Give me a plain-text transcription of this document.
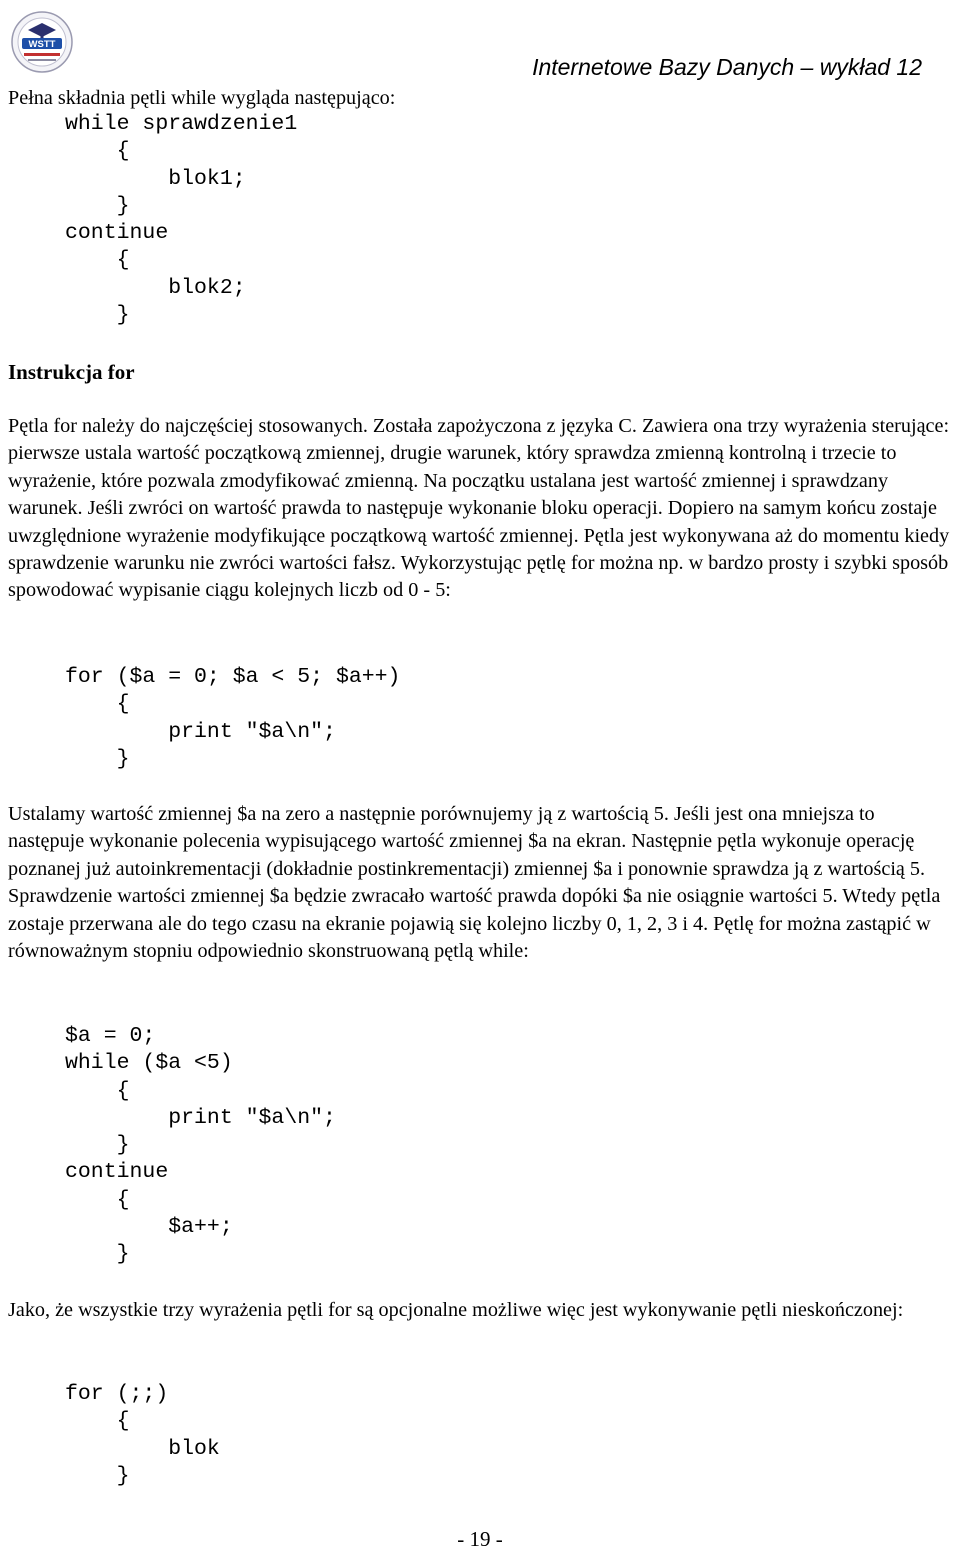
WSTT
Internetowe Bazy Danych – wykład 12

Pełna składnia pętli while wygląda następująco:

while sprawdzenie1
{
blok1;
}
continue
{
blok2;
}

Instrukcja for

Pętla for należy do najczęściej stosowanych. Została zapożyczona z języka C. Zawiera ona trzy wyrażenia sterujące: pierwsze ustala wartość początkową zmiennej, drugie warunek, który sprawdza zmienną kontrolną i trzecie to wyrażenie, które pozwala zmodyfikować zmienną. Na początku ustalana jest wartość zmiennej i sprawdzany warunek. Jeśli zwróci on wartość prawda to następuje wykonanie bloku operacji. Dopiero na samym końcu zostaje uwzględnione wyrażenie modyfikujące początkową wartość zmiennej. Pętla jest wykonywana aż do momentu kiedy sprawdzenie warunku nie zwróci wartości fałsz. Wykorzystując pętlę for można np. w bardzo prosty i szybki sposób spowodować wypisanie ciągu kolejnych liczb od 0 - 5:

for ($a = 0; $a < 5; $a++)
{
print "$a\n";
}

Ustalamy wartość zmiennej $a na zero a następnie porównujemy ją z wartością 5. Jeśli jest ona mniejsza to następuje wykonanie polecenia wypisującego wartość zmiennej $a na ekran. Następnie pętla wykonuje operację poznanej już autoinkrementacji (dokładnie postinkrementacji) zmiennej $a i ponownie sprawdza ją z wartością 5. Sprawdzenie wartości zmiennej $a będzie zwracało wartość prawda dopóki $a nie osiągnie wartości 5. Wtedy pętla zostaje przerwana ale do tego czasu na ekranie pojawią się kolejno liczby 0, 1, 2, 3 i 4. Pętlę for można zastąpić w równoważnym stopniu odpowiednio skonstruowaną pętlą while:

$a = 0;
while ($a <5)
{
print "$a\n";
}
continue
{
$a++;
}

Jako, że wszystkie trzy wyrażenia pętli for są opcjonalne możliwe więc jest wykonywanie pętli nieskończonej:

for (;;)
{
blok
}
- 19 -
